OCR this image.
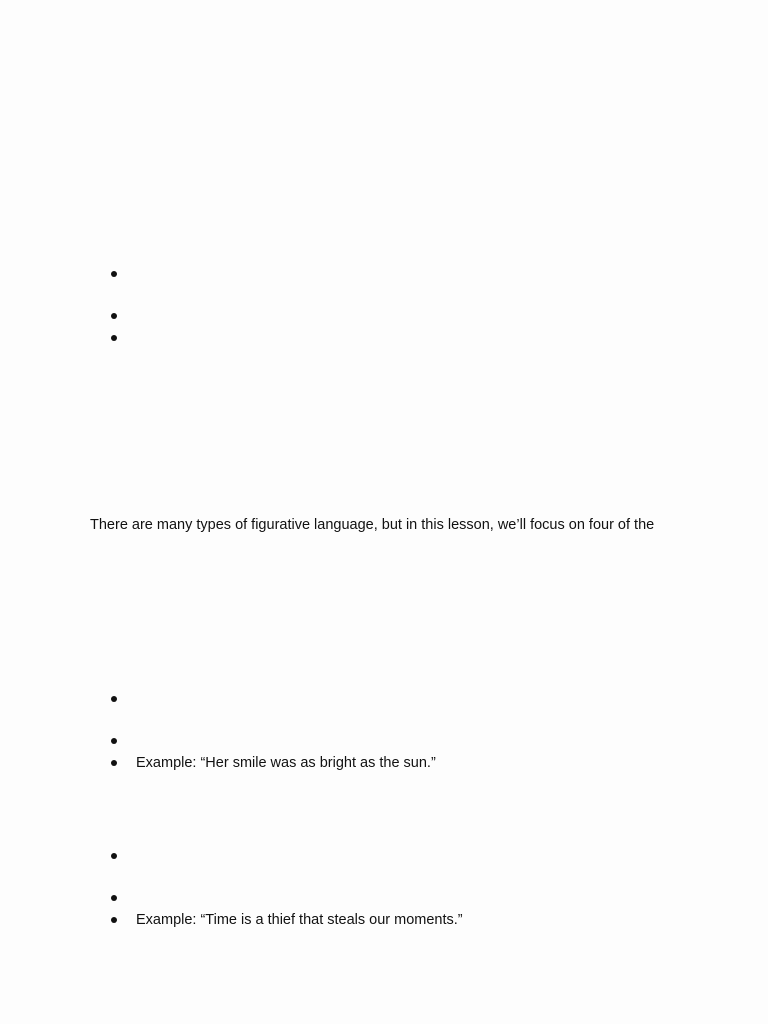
There are many types of figurative language, but in this lesson, we’ll focus on four of the
Example: “Her smile was as bright as the sun.”
Example: “Time is a thief that steals our moments.”
